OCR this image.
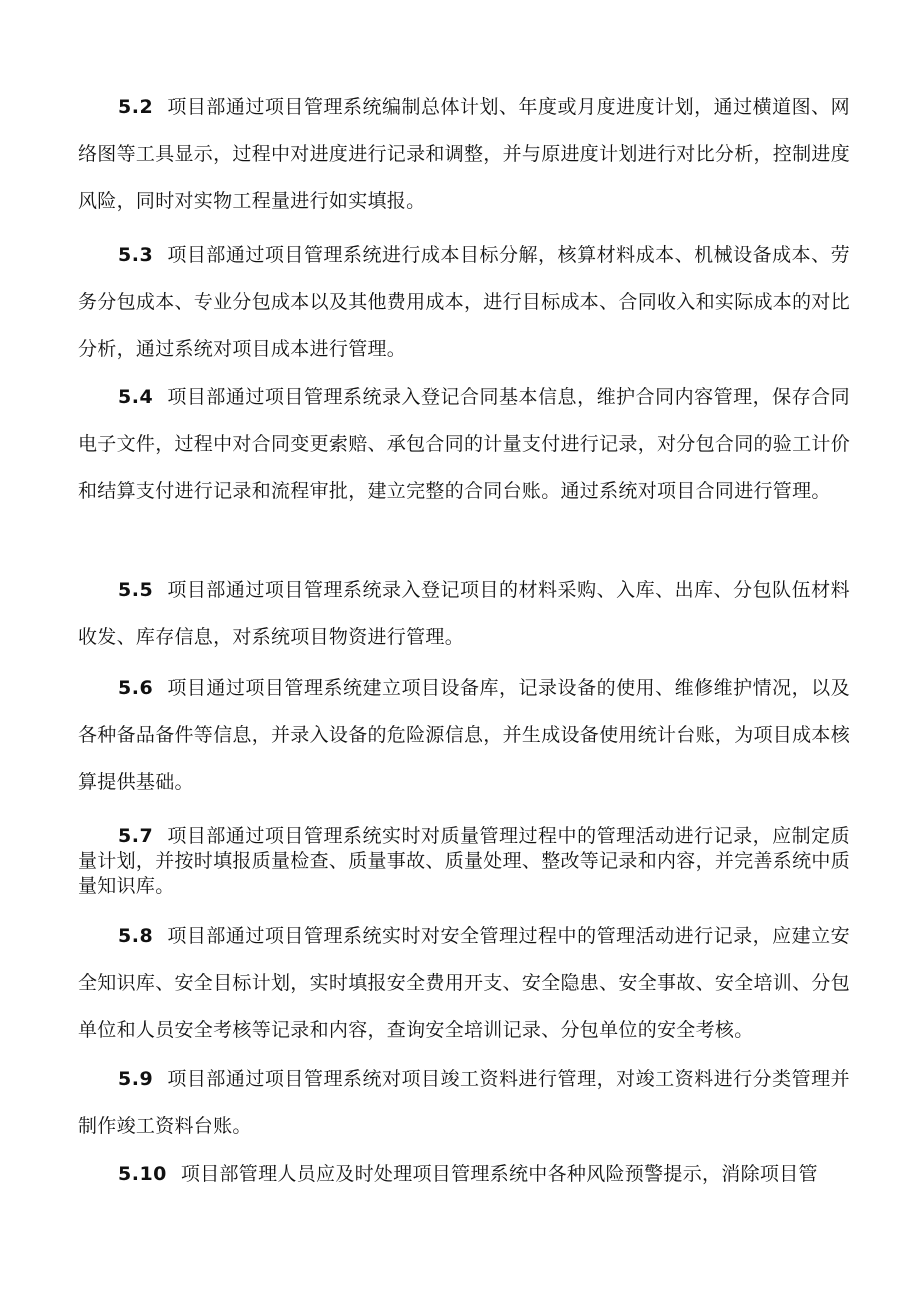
5.2 项目部通过项目管理系统编制总体计划、年度或月度进度计划，通过横道图、网络图等工具显示，过程中对进度进行记录和调整，并与原进度计划进行对比分析，控制进度风险，同时对实物工程量进行如实填报。

5.3 项目部通过项目管理系统进行成本目标分解，核算材料成本、机械设备成本、劳务分包成本、专业分包成本以及其他费用成本，进行目标成本、合同收入和实际成本的对比分析，通过系统对项目成本进行管理。

5.4 项目部通过项目管理系统录入登记合同基本信息，维护合同内容管理，保存合同电子文件，过程中对合同变更索赔、承包合同的计量支付进行记录，对分包合同的验工计价和结算支付进行记录和流程审批，建立完整的合同台账。通过系统对项目合同进行管理。

5.5 项目部通过项目管理系统录入登记项目的材料采购、入库、出库、分包队伍材料收发、库存信息，对系统项目物资进行管理。

5.6 项目通过项目管理系统建立项目设备库，记录设备的使用、维修维护情况，以及各种备品备件等信息，并录入设备的危险源信息，并生成设备使用统计台账，为项目成本核算提供基础。

5.7 项目部通过项目管理系统实时对质量管理过程中的管理活动进行记录，应制定质量计划，并按时填报质量检查、质量事故、质量处理、整改等记录和内容，并完善系统中质量知识库。

5.8 项目部通过项目管理系统实时对安全管理过程中的管理活动进行记录，应建立安全知识库、安全目标计划，实时填报安全费用开支、安全隐患、安全事故、安全培训、分包单位和人员安全考核等记录和内容，查询安全培训记录、分包单位的安全考核。

5.9 项目部通过项目管理系统对项目竣工资料进行管理，对竣工资料进行分类管理并制作竣工资料台账。

5.10 项目部管理人员应及时处理项目管理系统中各种风险预警提示，消除项目管
